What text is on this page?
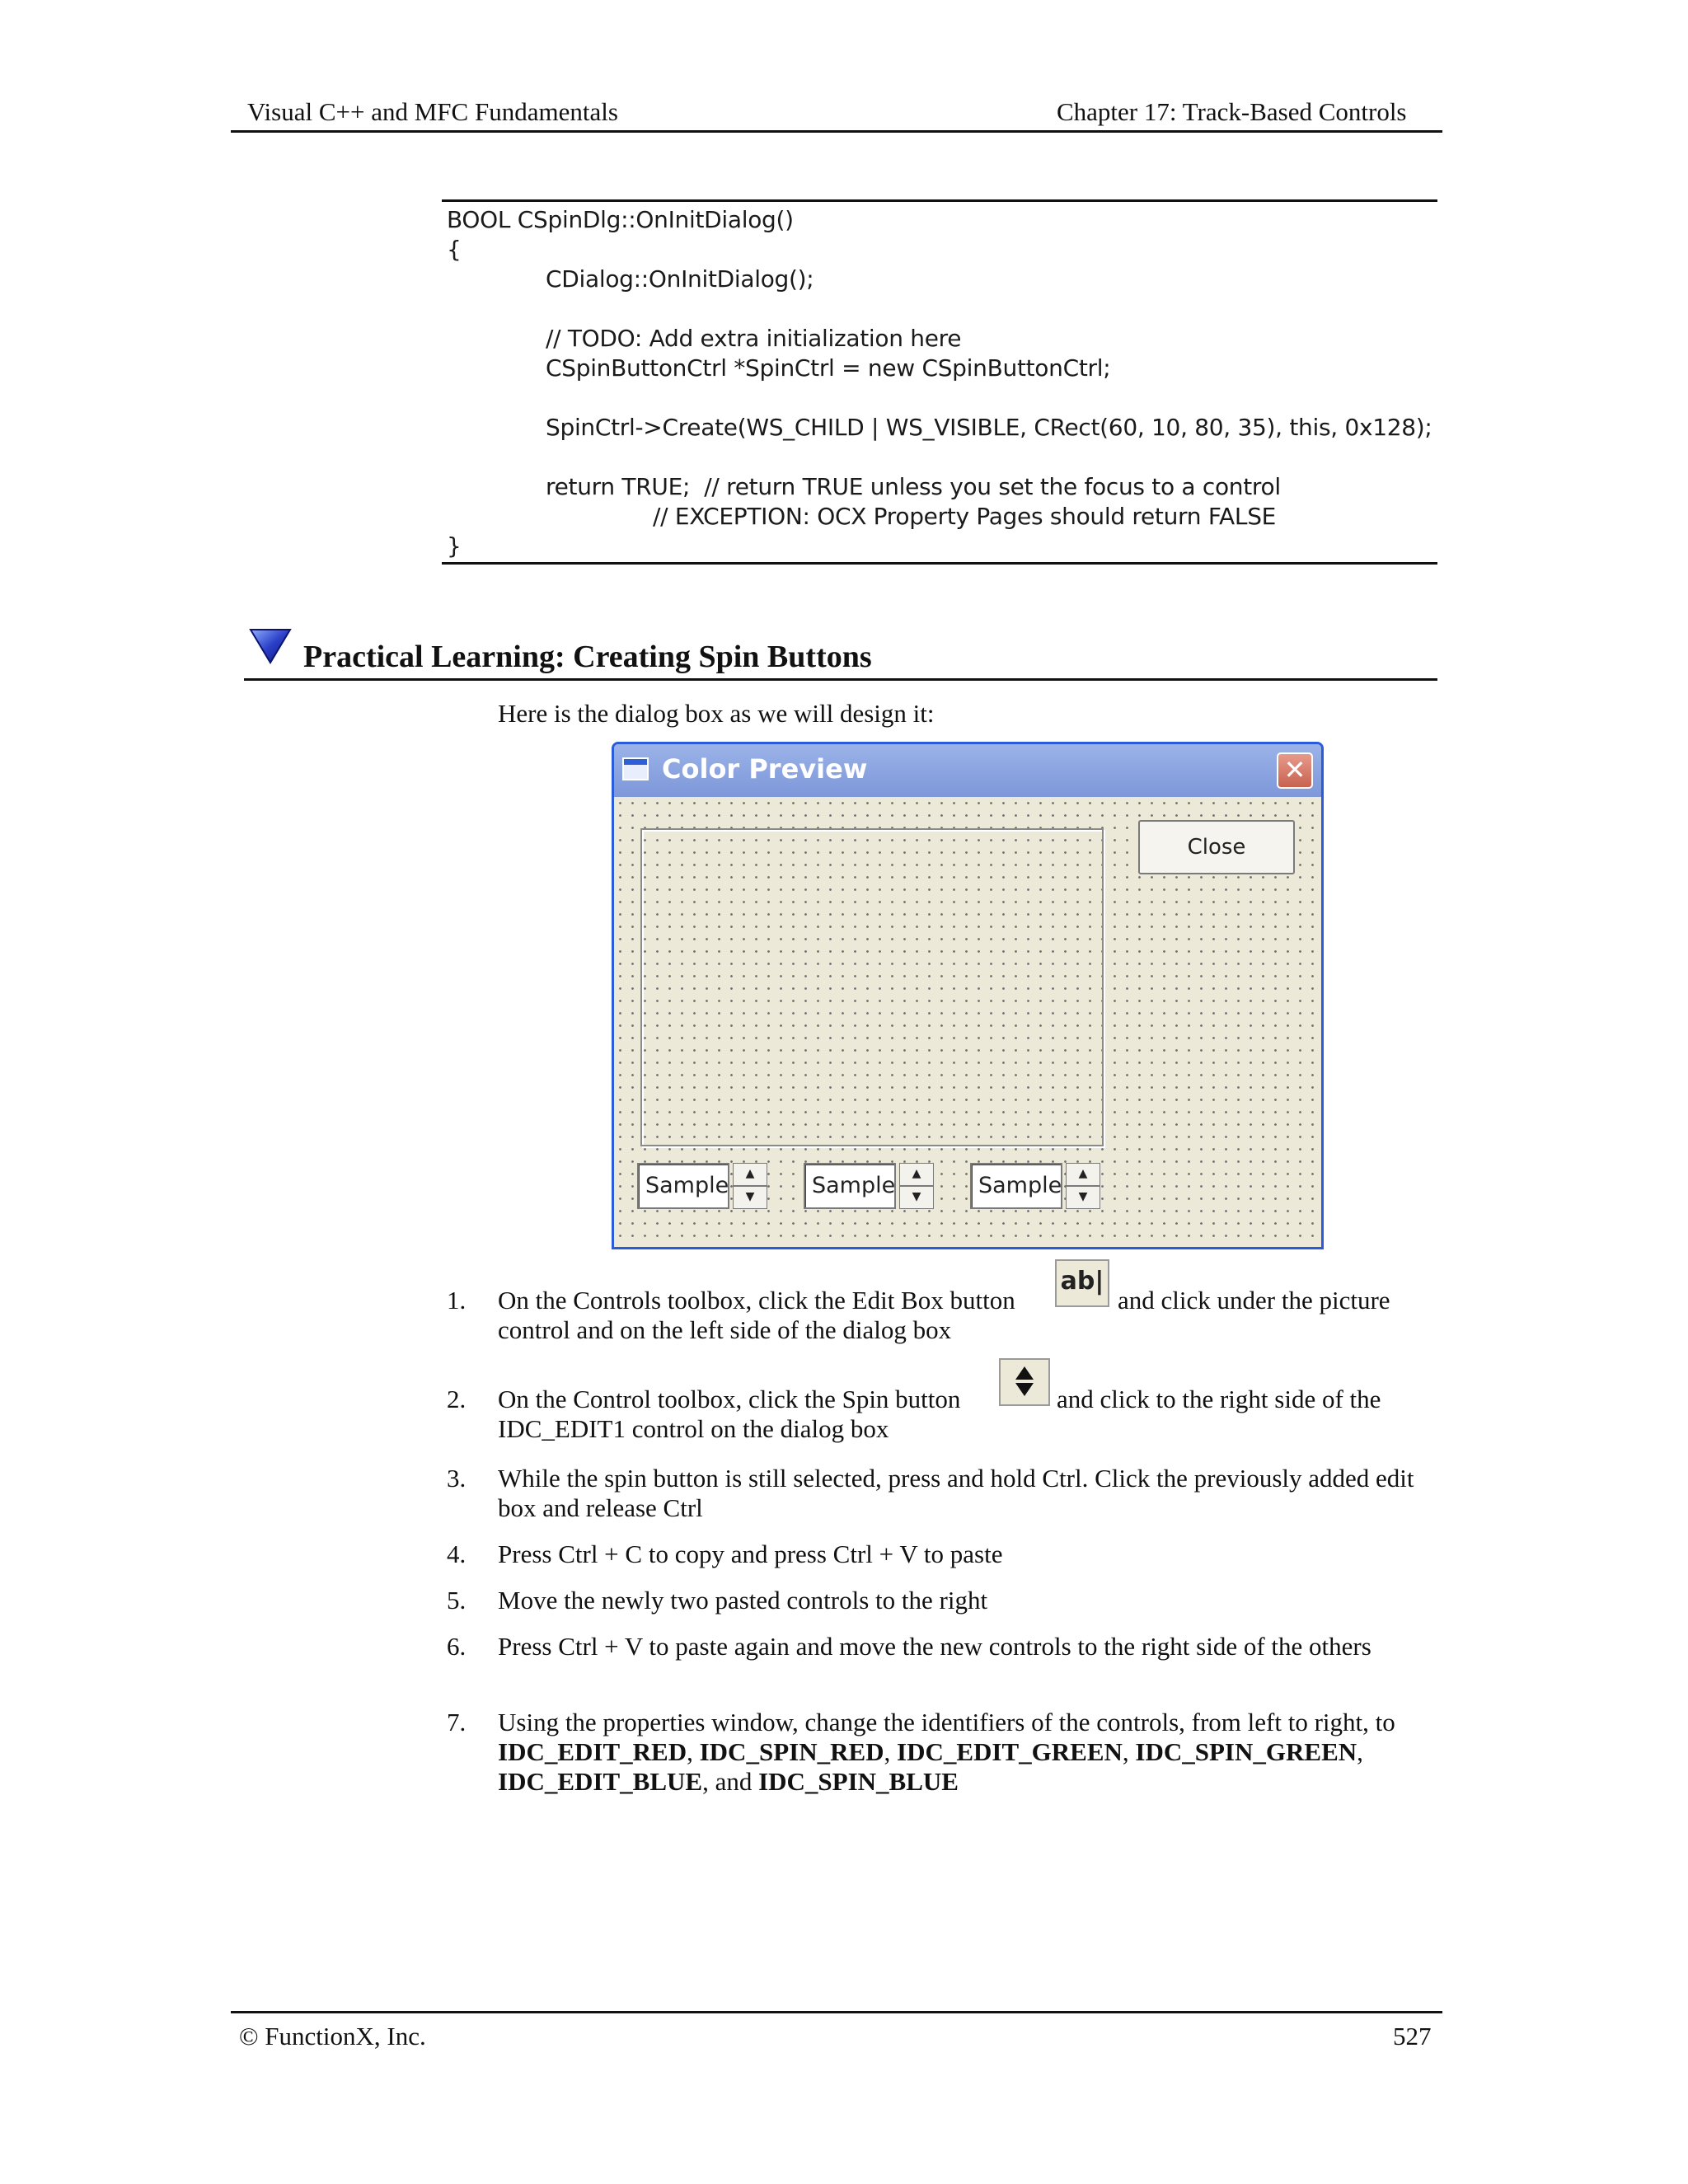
Visual C++ and MFC Fundamentals	Chapter 17: Track-Based Controls
BOOL CSpinDlg::OnInitDialog()
{
CDialog::OnInitDialog();
// TODO: Add extra initialization here
CSpinButtonCtrl *SpinCtrl = new CSpinButtonCtrl;
SpinCtrl->Create(WS_CHILD | WS_VISIBLE, CRect(60, 10, 80, 35), this, 0x128);
return TRUE;  // return TRUE unless you set the focus to a control
// EXCEPTION: OCX Property Pages should return FALSE
}
Practical Learning: Creating Spin Buttons
Here is the dialog box as we will design it:
Color Preview	✕
Close
Sample	▲
▼	Sample	▲
▼	Sample	▲
▼
1. On the Controls toolbox, click the Edit Box button
ab|
and click under the picture
control and on the left side of the dialog box
2. On the Control toolbox, click the Spin button	and click to the right side of the
IDC_EDIT1 control on the dialog box
3. While the spin button is still selected, press and hold Ctrl. Click the previously added edit box and release Ctrl
4. Press Ctrl + C to copy and press Ctrl + V to paste
5. Move the newly two pasted controls to the right
6. Press Ctrl + V to paste again and move the new controls to the right side of the others
7. Using the properties window, change the identifiers of the controls, from left to right, to IDC_EDIT_RED, IDC_SPIN_RED, IDC_EDIT_GREEN, IDC_SPIN_GREEN, IDC_EDIT_BLUE, and IDC_SPIN_BLUE
© FunctionX, Inc.	527
